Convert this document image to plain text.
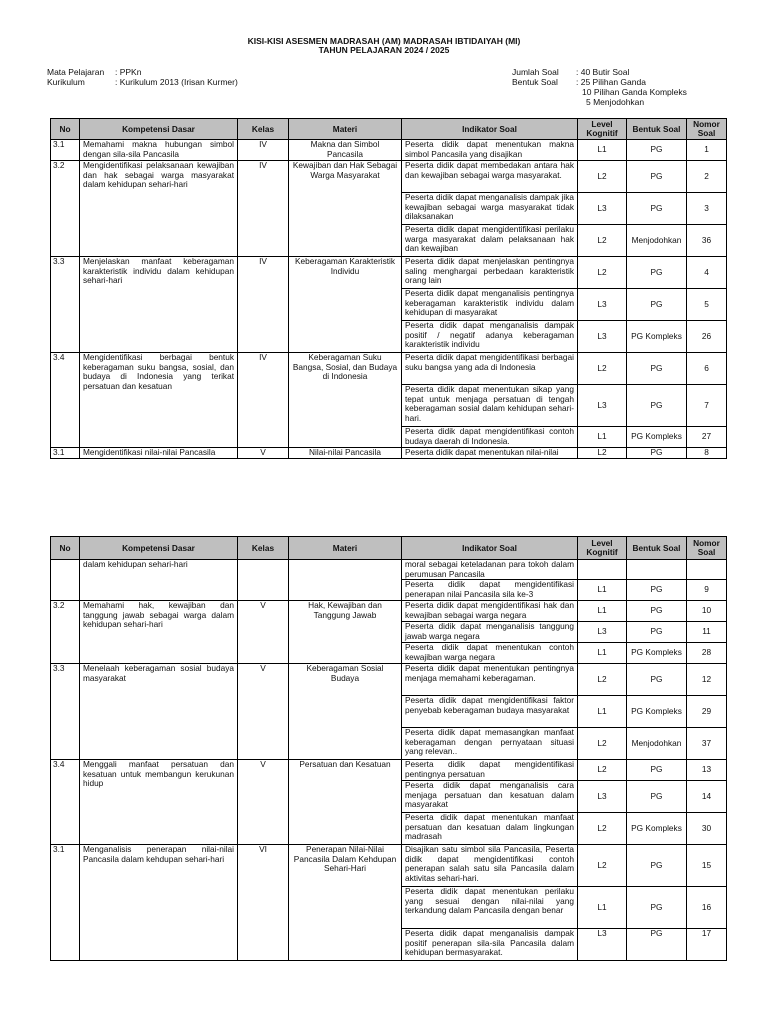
KISI-KISI ASESMEN MADRASAH (AM) MADRASAH IBTIDAIYAH (MI)
TAHUN PELAJARAN 2024 / 2025
Mata Pelajaran	: PPKn
Kurikulum	: Kurikulum 2013 (Irisan Kurmer)
Jumlah Soal	: 40 Butir Soal
Bentuk Soal	: 25 Pilihan Ganda
10 Pilihan Ganda Kompleks
5 Menjodohkan
No	Kompetensi Dasar	Kelas	Materi	Indikator Soal	Level Kognitif	Bentuk Soal	Nomor Soal
3.1	Memahami makna hubungan simbol dengan sila-sila Pancasila	IV	Makna dan Simbol Pancasila	Peserta didik dapat menentukan makna simbol Pancasila yang disajikan	L1	PG	1
3.2	Mengidentifikasi pelaksanaan kewajiban dan hak sebagai warga masyarakat dalam kehidupan sehari-hari	IV	Kewajiban dan Hak Sebagai Warga Masyarakat	Peserta didik dapat membedakan antara hak dan kewajiban sebagai warga masyarakat.	L2	PG	2
				Peserta didik dapat menganalisis dampak jika kewajiban sebagai warga masyarakat tidak dilaksanakan	L3	PG	3
				Peserta didik dapat mengidentifikasi perilaku warga masyarakat dalam pelaksanaan hak dan kewajiban	L2	Menjodohkan	36
3.3	Menjelaskan manfaat keberagaman karakteristik individu dalam kehidupan sehari-hari	IV	Keberagaman Karakteristik Individu	Peserta didik dapat menjelaskan pentingnya saling menghargai perbedaan karakteristik orang lain	L2	PG	4
				Peserta didik dapat menganalisis pentingnya keberagaman karakteristik individu dalam kehidupan di masyarakat	L3	PG	5
				Peserta didik dapat menganalisis dampak positif / negatif adanya keberagaman karakteristik individu	L3	PG Kompleks	26
3.4	Mengidentifikasi berbagai bentuk keberagaman suku bangsa, sosial, dan budaya di Indonesia yang terikat persatuan dan kesatuan	IV	Keberagaman Suku Bangsa, Sosial, dan Budaya di Indonesia	Peserta didik dapat mengidentifikasi berbagai suku bangsa yang ada di Indonesia	L2	PG	6
				Peserta didik dapat menentukan sikap yang tepat untuk menjaga persatuan di tengah keberagaman sosial dalam kehidupan sehari-hari.	L3	PG	7
				Peserta didik dapat mengidentifikasi contoh budaya daerah di Indonesia.	L1	PG Kompleks	27
3.1	Mengidentifikasi nilai-nilai Pancasila	V	Nilai-nilai Pancasila	Peserta didik dapat menentukan nilai-nilai	L2	PG	8
No	Kompetensi Dasar	Kelas	Materi	Indikator Soal	Level Kognitif	Bentuk Soal	Nomor Soal
	dalam kehidupan sehari-hari			moral sebagai keteladanan para tokoh dalam perumusan Pancasila			
				Peserta didik dapat mengidentifikasi penerapan nilai Pancasila sila ke-3	L1	PG	9
3.2	Memahami hak, kewajiban dan tanggung jawab sebagai warga dalam kehidupan sehari-hari	V	Hak, Kewajiban dan Tanggung Jawab	Peserta didik dapat mengidentifikasi hak dan kewajiban sebagai warga negara	L1	PG	10
				Peserta didik dapat menganalisis tanggung jawab warga negara	L3	PG	11
				Peserta didik dapat menentukan contoh kewajiban warga negara	L1	PG Kompleks	28
3.3	Menelaah keberagaman sosial budaya masyarakat	V	Keberagaman Sosial Budaya	Peserta didik dapat menentukan pentingnya menjaga memahami keberagaman.	L2	PG	12
				Peserta didik dapat mengidentifikasi faktor penyebab keberagaman budaya masyarakat	L1	PG Kompleks	29
				Peserta didik dapat memasangkan manfaat keberagaman dengan pernyataan situasi yang relevan..	L2	Menjodohkan	37
3.4	Menggali manfaat persatuan dan kesatuan untuk membangun kerukunan hidup	V	Persatuan dan Kesatuan	Peserta didik dapat mengidentifikasi pentingnya persatuan	L2	PG	13
				Peserta didik dapat menganalisis cara menjaga persatuan dan kesatuan dalam masyarakat	L3	PG	14
				Peserta didik dapat menentukan manfaat persatuan dan kesatuan dalam lingkungan madrasah	L2	PG Kompleks	30
3.1	Menganalisis penerapan nilai-nilai Pancasila dalam kehdupan sehari-hari	VI	Penerapan Nilai-Nilai Pancasila Dalam Kehdupan Sehari-Hari	Disajikan satu simbol sila Pancasila, Peserta didik dapat mengidentifikasi contoh penerapan salah satu sila Pancasila dalam aktivitas sehari-hari.	L2	PG	15
				Peserta didik dapat menentukan perilaku yang sesuai dengan nilai-nilai yang terkandung dalam Pancasila dengan benar	L1	PG	16
				Peserta didik dapat menganalisis dampak positif penerapan sila-sila Pancasila dalam kehidupan bermasyarakat.	L3	PG	17
